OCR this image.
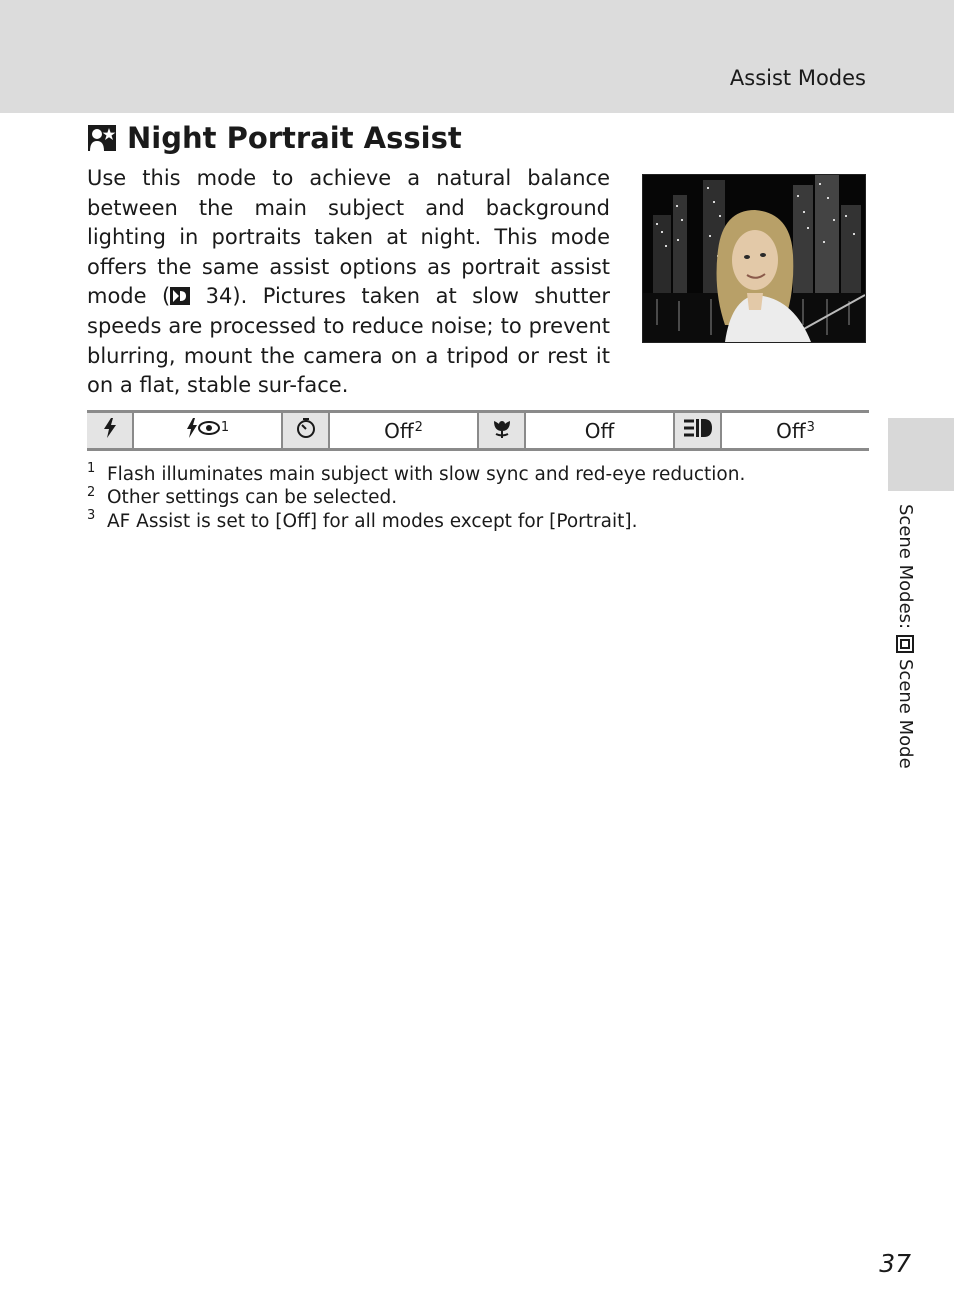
Assist Modes
Night Portrait Assist

Use this mode to achieve a natural balance between the main subject and background lighting in portraits taken at night. This mode offers the same assist options as portrait assist mode ( 34). Pictures taken at slow shutter speeds are processed to reduce noise; to prevent blurring, mount the camera on a tripod or rest it on a flat, stable sur-face.

$^1$	Off$^2$	Off	Off$^3$
1 Flash illuminates main subject with slow sync and red-eye reduction.
2 Other settings can be selected.
3 AF Assist is set to [Off] for all modes except for [Portrait].	Scene Modes:
Scene Mode
37
